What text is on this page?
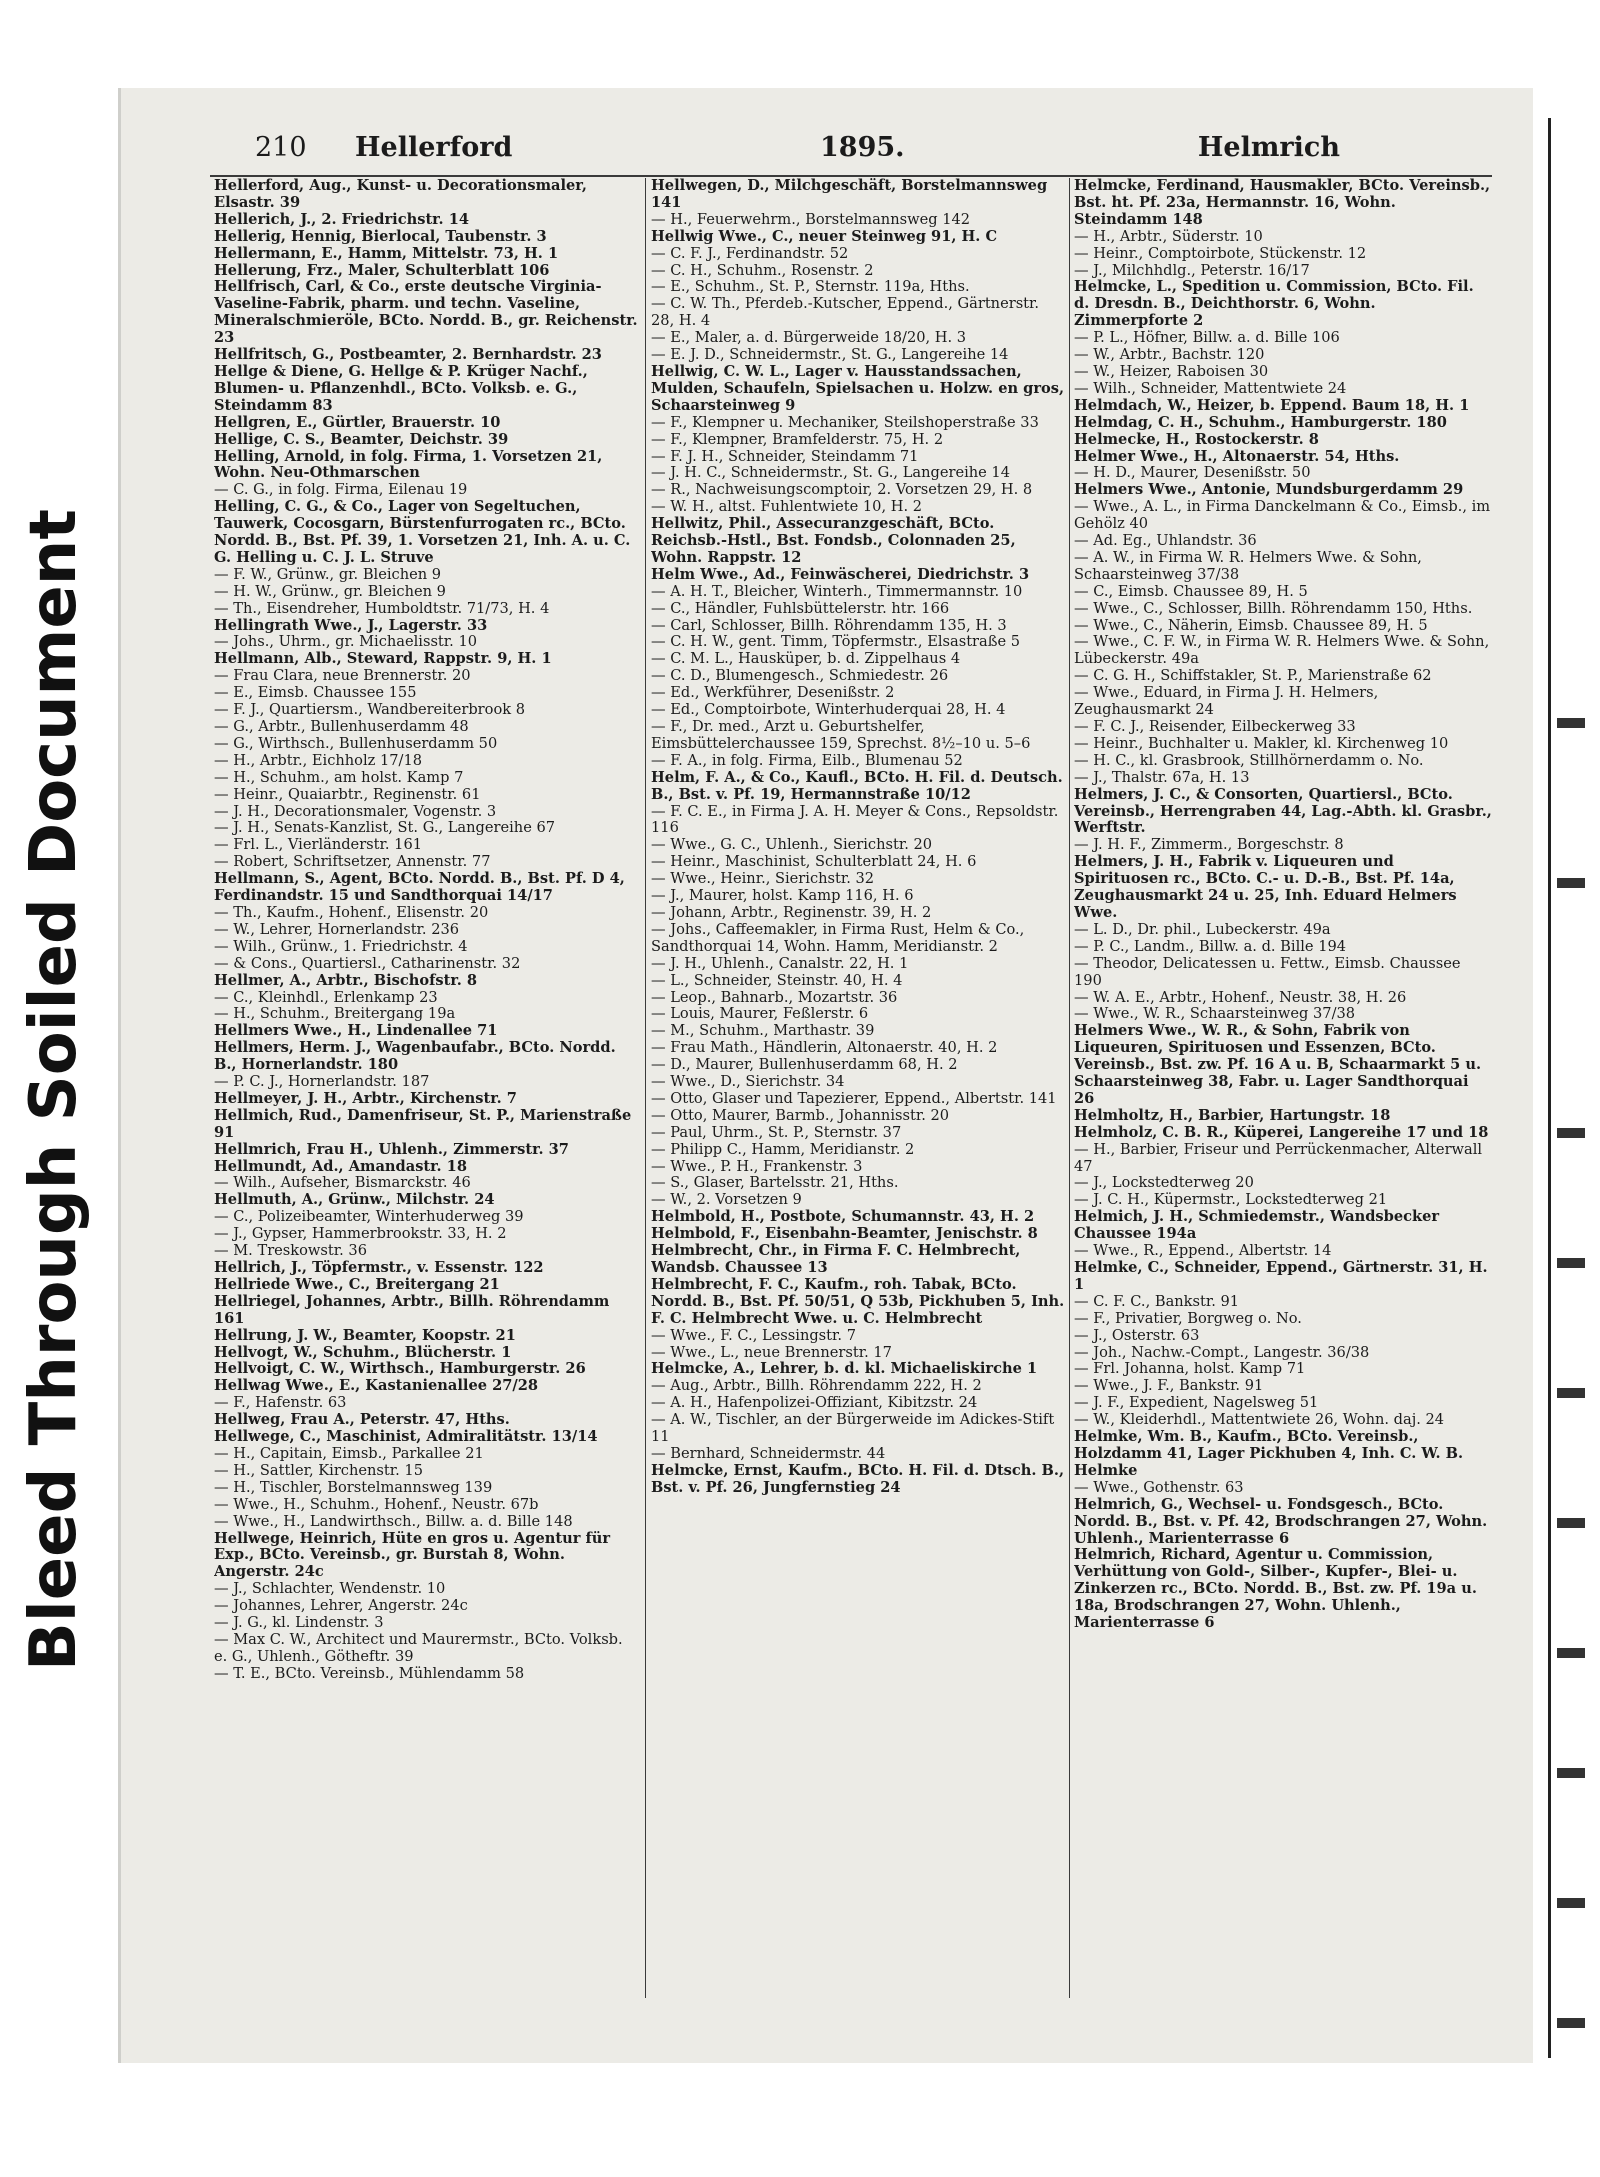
Bleed Through Soiled Document
210 Hellerford	1895.	Helmrich

Hellerford, Aug., Kunst- u. Decorationsmaler, Elsastr. 39

Hellerich, J., 2. Friedrichstr. 14

Hellerig, Hennig, Bierlocal, Taubenstr. 3

Hellermann, E., Hamm, Mittelstr. 73, H. 1

Hellerung, Frz., Maler, Schulterblatt 106

Hellfrisch, Carl, & Co., erste deutsche Virginia-Vaseline-Fabrik, pharm. und techn. Vaseline, Mineralschmieröle, BCto. Nordd. B., gr. Reichenstr. 23

Hellfritsch, G., Postbeamter, 2. Bernhardstr. 23

Hellge & Diene, G. Hellge & P. Krüger Nachf., Blumen- u. Pflanzenhdl., BCto. Volksb. e. G., Steindamm 83

Hellgren, E., Gürtler, Brauerstr. 10

Hellige, C. S., Beamter, Deichstr. 39

Helling, Arnold, in folg. Firma, 1. Vorsetzen 21, Wohn. Neu-Othmarschen

— C. G., in folg. Firma, Eilenau 19

Helling, C. G., & Co., Lager von Segeltuchen, Tauwerk, Cocosgarn, Bürstenfurrogaten rc., BCto. Nordd. B., Bst. Pf. 39, 1. Vorsetzen 21, Inh. A. u. C. G. Helling u. C. J. L. Struve

— F. W., Grünw., gr. Bleichen 9

— H. W., Grünw., gr. Bleichen 9

— Th., Eisendreher, Humboldtstr. 71/73, H. 4

Hellingrath Wwe., J., Lagerstr. 33

— Johs., Uhrm., gr. Michaelisstr. 10

Hellmann, Alb., Steward, Rappstr. 9, H. 1

— Frau Clara, neue Brennerstr. 20

— E., Eimsb. Chaussee 155

— F. J., Quartiersm., Wandbereiterbrook 8

— G., Arbtr., Bullenhuserdamm 48

— G., Wirthsch., Bullenhuserdamm 50

— H., Arbtr., Eichholz 17/18

— H., Schuhm., am holst. Kamp 7

— Heinr., Quaiarbtr., Reginenstr. 61

— J. H., Decorationsmaler, Vogenstr. 3

— J. H., Senats-Kanzlist, St. G., Langereihe 67

— Frl. L., Vierländerstr. 161

— Robert, Schriftsetzer, Annenstr. 77

Hellmann, S., Agent, BCto. Nordd. B., Bst. Pf. D 4, Ferdinandstr. 15 und Sandthorquai 14/17

— Th., Kaufm., Hohenf., Elisenstr. 20

— W., Lehrer, Hornerlandstr. 236

— Wilh., Grünw., 1. Friedrichstr. 4

— & Cons., Quartiersl., Catharinenstr. 32

Hellmer, A., Arbtr., Bischofstr. 8

— C., Kleinhdl., Erlenkamp 23

— H., Schuhm., Breitergang 19a

Hellmers Wwe., H., Lindenallee 71

Hellmers, Herm. J., Wagenbaufabr., BCto. Nordd. B., Hornerlandstr. 180

— P. C. J., Hornerlandstr. 187

Hellmeyer, J. H., Arbtr., Kirchenstr. 7

Hellmich, Rud., Damenfriseur, St. P., Marienstraße 91

Hellmrich, Frau H., Uhlenh., Zimmerstr. 37

Hellmundt, Ad., Amandastr. 18

— Wilh., Aufseher, Bismarckstr. 46

Hellmuth, A., Grünw., Milchstr. 24

— C., Polizeibeamter, Winterhuderweg 39

— J., Gypser, Hammerbrookstr. 33, H. 2

— M. Treskowstr. 36

Hellrich, J., Töpfermstr., v. Essenstr. 122

Hellriede Wwe., C., Breitergang 21

Hellriegel, Johannes, Arbtr., Billh. Röhrendamm 161

Hellrung, J. W., Beamter, Koopstr. 21

Hellvogt, W., Schuhm., Blücherstr. 1

Hellvoigt, C. W., Wirthsch., Hamburgerstr. 26

Hellwag Wwe., E., Kastanienallee 27/28

— F., Hafenstr. 63

Hellweg, Frau A., Peterstr. 47, Hths.

Hellwege, C., Maschinist, Admiralitätstr. 13/14

— H., Capitain, Eimsb., Parkallee 21

— H., Sattler, Kirchenstr. 15

— H., Tischler, Borstelmannsweg 139

— Wwe., H., Schuhm., Hohenf., Neustr. 67b

— Wwe., H., Landwirthsch., Billw. a. d. Bille 148

Hellwege, Heinrich, Hüte en gros u. Agentur für Exp., BCto. Vereinsb., gr. Burstah 8, Wohn. Angerstr. 24c

— J., Schlachter, Wendenstr. 10

— Johannes, Lehrer, Angerstr. 24c

— J. G., kl. Lindenstr. 3

— Max C. W., Architect und Maurermstr., BCto. Volksb. e. G., Uhlenh., Götheftr. 39

— T. E., BCto. Vereinsb., Mühlendamm 58

Hellwegen, D., Milchgeschäft, Borstelmannsweg 141

— H., Feuerwehrm., Borstelmannsweg 142

Hellwig Wwe., C., neuer Steinweg 91, H. C

— C. F. J., Ferdinandstr. 52

— C. H., Schuhm., Rosenstr. 2

— E., Schuhm., St. P., Sternstr. 119a, Hths.

— C. W. Th., Pferdeb.-Kutscher, Eppend., Gärtnerstr. 28, H. 4

— E., Maler, a. d. Bürgerweide 18/20, H. 3

— E. J. D., Schneidermstr., St. G., Langereihe 14

Hellwig, C. W. L., Lager v. Hausstandssachen, Mulden, Schaufeln, Spielsachen u. Holzw. en gros, Schaarsteinweg 9

— F., Klempner u. Mechaniker, Steilshoperstraße 33

— F., Klempner, Bramfelderstr. 75, H. 2

— F. J. H., Schneider, Steindamm 71

— J. H. C., Schneidermstr., St. G., Langereihe 14

— R., Nachweisungscomptoir, 2. Vorsetzen 29, H. 8

— W. H., altst. Fuhlentwiete 10, H. 2

Hellwitz, Phil., Assecuranzgeschäft, BCto. Reichsb.-Hstl., Bst. Fondsb., Colonnaden 25, Wohn. Rappstr. 12

Helm Wwe., Ad., Feinwäscherei, Diedrichstr. 3

— A. H. T., Bleicher, Winterh., Timmermannstr. 10

— C., Händler, Fuhlsbüttelerstr. htr. 166

— Carl, Schlosser, Billh. Röhrendamm 135, H. 3

— C. H. W., gent. Timm, Töpfermstr., Elsastraße 5

— C. M. L., Hausküper, b. d. Zippelhaus 4

— C. D., Blumengesch., Schmiedestr. 26

— Ed., Werkführer, Desenißstr. 2

— Ed., Comptoirbote, Winterhuderquai 28, H. 4

— F., Dr. med., Arzt u. Geburtshelfer, Eimsbüttelerchaussee 159, Sprechst. 8½–10 u. 5–6

— F. A., in folg. Firma, Eilb., Blumenau 52

Helm, F. A., & Co., Kaufl., BCto. H. Fil. d. Deutsch. B., Bst. v. Pf. 19, Hermannstraße 10/12

— F. C. E., in Firma J. A. H. Meyer & Cons., Repsoldstr. 116

— Wwe., G. C., Uhlenh., Sierichstr. 20

— Heinr., Maschinist, Schulterblatt 24, H. 6

— Wwe., Heinr., Sierichstr. 32

— J., Maurer, holst. Kamp 116, H. 6

— Johann, Arbtr., Reginenstr. 39, H. 2

— Johs., Caffeemakler, in Firma Rust, Helm & Co., Sandthorquai 14, Wohn. Hamm, Meridianstr. 2

— J. H., Uhlenh., Canalstr. 22, H. 1

— L., Schneider, Steinstr. 40, H. 4

— Leop., Bahnarb., Mozartstr. 36

— Louis, Maurer, Feßlerstr. 6

— M., Schuhm., Marthastr. 39

— Frau Math., Händlerin, Altonaerstr. 40, H. 2

— D., Maurer, Bullenhuserdamm 68, H. 2

— Wwe., D., Sierichstr. 34

— Otto, Glaser und Tapezierer, Eppend., Albertstr. 141

— Otto, Maurer, Barmb., Johannisstr. 20

— Paul, Uhrm., St. P., Sternstr. 37

— Philipp C., Hamm, Meridianstr. 2

— Wwe., P. H., Frankenstr. 3

— S., Glaser, Bartelsstr. 21, Hths.

— W., 2. Vorsetzen 9

Helmbold, H., Postbote, Schumannstr. 43, H. 2

Helmbold, F., Eisenbahn-Beamter, Jenischstr. 8

Helmbrecht, Chr., in Firma F. C. Helmbrecht, Wandsb. Chaussee 13

Helmbrecht, F. C., Kaufm., roh. Tabak, BCto. Nordd. B., Bst. Pf. 50/51, Q 53b, Pickhuben 5, Inh. F. C. Helmbrecht Wwe. u. C. Helmbrecht

— Wwe., F. C., Lessingstr. 7

— Wwe., L., neue Brennerstr. 17

Helmcke, A., Lehrer, b. d. kl. Michaeliskirche 1

— Aug., Arbtr., Billh. Röhrendamm 222, H. 2

— A. H., Hafenpolizei-Offiziant, Kibitzstr. 24

— A. W., Tischler, an der Bürgerweide im Adickes-Stift 11

— Bernhard, Schneidermstr. 44

Helmcke, Ernst, Kaufm., BCto. H. Fil. d. Dtsch. B., Bst. v. Pf. 26, Jungfernstieg 24

Helmcke, Ferdinand, Hausmakler, BCto. Vereinsb., Bst. ht. Pf. 23a, Hermannstr. 16, Wohn. Steindamm 148

— H., Arbtr., Süderstr. 10

— Heinr., Comptoirbote, Stückenstr. 12

— J., Milchhdlg., Peterstr. 16/17

Helmcke, L., Spedition u. Commission, BCto. Fil. d. Dresdn. B., Deichthorstr. 6, Wohn. Zimmerpforte 2

— P. L., Höfner, Billw. a. d. Bille 106

— W., Arbtr., Bachstr. 120

— W., Heizer, Raboisen 30

— Wilh., Schneider, Mattentwiete 24

Helmdach, W., Heizer, b. Eppend. Baum 18, H. 1

Helmdag, C. H., Schuhm., Hamburgerstr. 180

Helmecke, H., Rostockerstr. 8

Helmer Wwe., H., Altonaerstr. 54, Hths.

— H. D., Maurer, Desenißstr. 50

Helmers Wwe., Antonie, Mundsburgerdamm 29

— Wwe., A. L., in Firma Danckelmann & Co., Eimsb., im Gehölz 40

— Ad. Eg., Uhlandstr. 36

— A. W., in Firma W. R. Helmers Wwe. & Sohn, Schaarsteinweg 37/38

— C., Eimsb. Chaussee 89, H. 5

— Wwe., C., Schlosser, Billh. Röhrendamm 150, Hths.

— Wwe., C., Näherin, Eimsb. Chaussee 89, H. 5

— Wwe., C. F. W., in Firma W. R. Helmers Wwe. & Sohn, Lübeckerstr. 49a

— C. G. H., Schiffstakler, St. P., Marienstraße 62

— Wwe., Eduard, in Firma J. H. Helmers, Zeughausmarkt 24

— F. C. J., Reisender, Eilbeckerweg 33

— Heinr., Buchhalter u. Makler, kl. Kirchenweg 10

— H. C., kl. Grasbrook, Stillhörnerdamm o. No.

— J., Thalstr. 67a, H. 13

Helmers, J. C., & Consorten, Quartiersl., BCto. Vereinsb., Herrengraben 44, Lag.-Abth. kl. Grasbr., Werftstr.

— J. H. F., Zimmerm., Borgeschstr. 8

Helmers, J. H., Fabrik v. Liqueuren und Spirituosen rc., BCto. C.- u. D.-B., Bst. Pf. 14a, Zeughausmarkt 24 u. 25, Inh. Eduard Helmers Wwe.

— L. D., Dr. phil., Lubeckerstr. 49a

— P. C., Landm., Billw. a. d. Bille 194

— Theodor, Delicatessen u. Fettw., Eimsb. Chaussee 190

— W. A. E., Arbtr., Hohenf., Neustr. 38, H. 26

— Wwe., W. R., Schaarsteinweg 37/38

Helmers Wwe., W. R., & Sohn, Fabrik von Liqueuren, Spirituosen und Essenzen, BCto. Vereinsb., Bst. zw. Pf. 16 A u. B, Schaarmarkt 5 u. Schaarsteinweg 38, Fabr. u. Lager Sandthorquai 26

Helmholtz, H., Barbier, Hartungstr. 18

Helmholz, C. B. R., Küperei, Langereihe 17 und 18

— H., Barbier, Friseur und Perrückenmacher, Alterwall 47

— J., Lockstedterweg 20

— J. C. H., Küpermstr., Lockstedterweg 21

Helmich, J. H., Schmiedemstr., Wandsbecker Chaussee 194a

— Wwe., R., Eppend., Albertstr. 14

Helmke, C., Schneider, Eppend., Gärtnerstr. 31, H. 1

— C. F. C., Bankstr. 91

— F., Privatier, Borgweg o. No.

— J., Osterstr. 63

— Joh., Nachw.-Compt., Langestr. 36/38

— Frl. Johanna, holst. Kamp 71

— Wwe., J. F., Bankstr. 91

— J. F., Expedient, Nagelsweg 51

— W., Kleiderhdl., Mattentwiete 26, Wohn. daj. 24

Helmke, Wm. B., Kaufm., BCto. Vereinsb., Holzdamm 41, Lager Pickhuben 4, Inh. C. W. B. Helmke

— Wwe., Gothenstr. 63

Helmrich, G., Wechsel- u. Fondsgesch., BCto. Nordd. B., Bst. v. Pf. 42, Brodschrangen 27, Wohn. Uhlenh., Marienterrasse 6

Helmrich, Richard, Agentur u. Commission, Verhüttung von Gold-, Silber-, Kupfer-, Blei- u. Zinkerzen rc., BCto. Nordd. B., Bst. zw. Pf. 19a u. 18a, Brodschrangen 27, Wohn. Uhlenh., Marienterrasse 6
